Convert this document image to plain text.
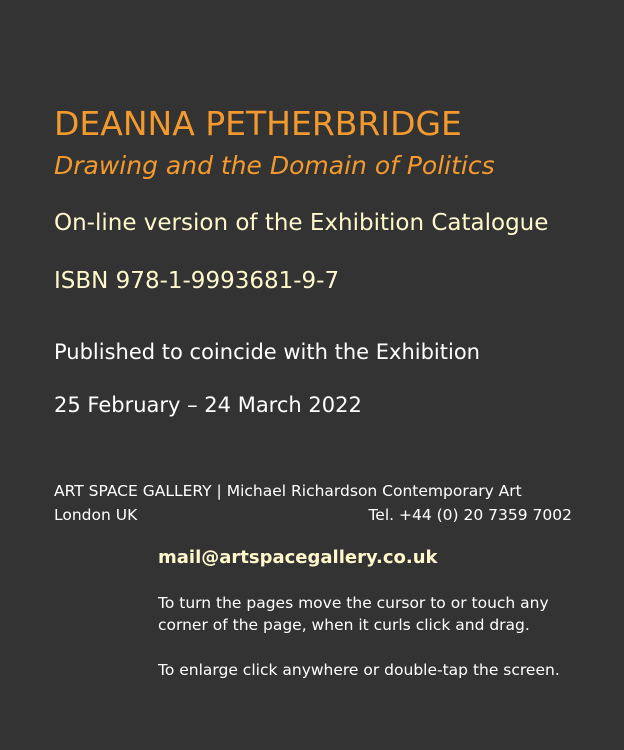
DEANNA PETHERBRIDGE
Drawing and the Domain of Politics
On-line version of the Exhibition Catalogue
ISBN 978-1-9993681-9-7
Published to coincide with the Exhibition
25 February – 24 March 2022
ART SPACE GALLERY | Michael Richardson Contemporary Art
London UK	Tel. +44 (0) 20 7359 7002
mail@artspacegallery.co.uk
To turn the pages move the cursor to or touch any corner of the page, when it curls click and drag.
To enlarge click anywhere or double-tap the screen.
